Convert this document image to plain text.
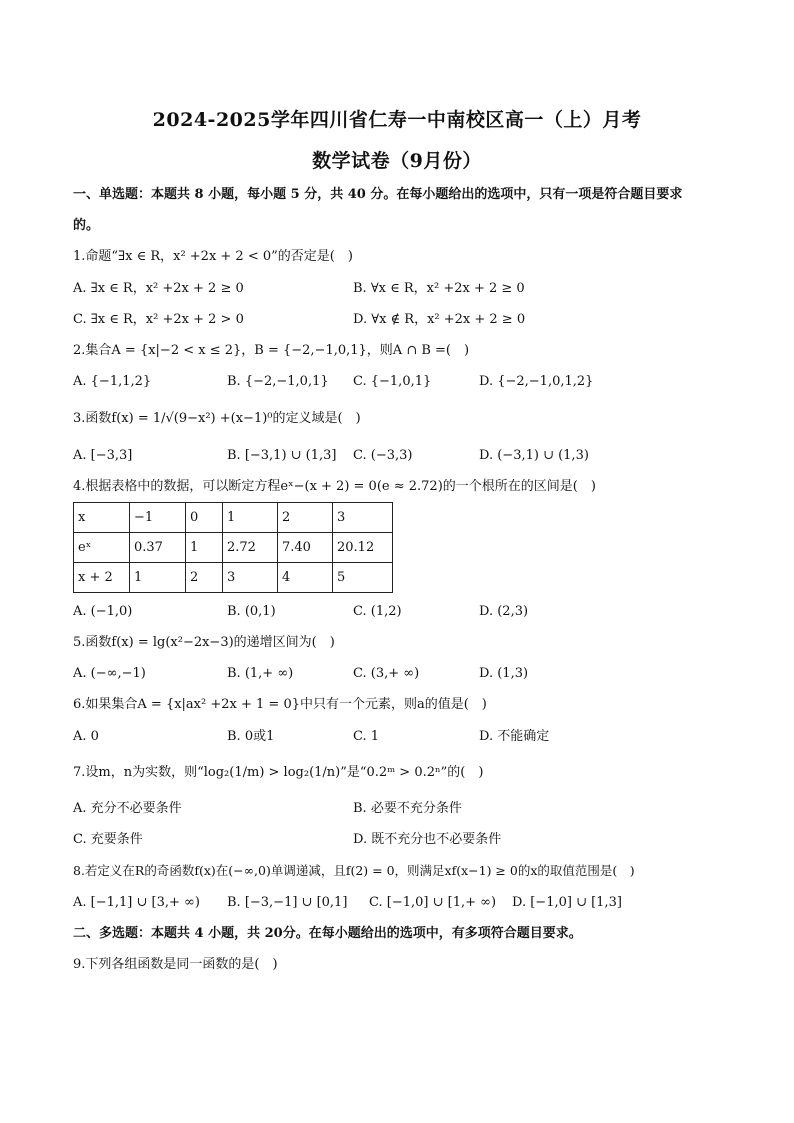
2024-2025学年四川省仁寿一中南校区高一（上）月考
数学试卷（9月份）
一、单选题：本题共 8 小题，每小题 5 分，共 40 分。在每小题给出的选项中，只有一项是符合题目要求
的。
1.命题“∃x ∈ R，x² +2x + 2 < 0”的否定是(　)
A. ∃x ∈ R，x² +2x + 2 ≥ 0	B. ∀x ∈ R，x² +2x + 2 ≥ 0
C. ∃x ∈ R，x² +2x + 2 > 0	D. ∀x ∉ R，x² +2x + 2 ≥ 0
2.集合A = {x|−2 < x ≤ 2}，B = {−2,−1,0,1}，则A ∩ B =(　)
A. {−1,1,2}	B. {−2,−1,0,1} C. {−1,0,1}	D. {−2,−1,0,1,2}
3.函数f(x) = 1/√(9−x²) +(x−1)⁰的定义域是(　)
A. [−3,3]	B. [−3,1) ∪ (1,3] C. (−3,3)	D. (−3,1) ∪ (1,3)
4.根据表格中的数据，可以断定方程eˣ−(x + 2) = 0(e ≈ 2.72)的一个根所在的区间是(　)
x	−1	0	1	2	3
eˣ	0.37	1	2.72	7.40	20.12
x + 2	1	2	3	4	5
A. (−1,0)	B. (0,1)	C. (1,2)	D. (2,3)
5.函数f(x) = lg(x²−2x−3)的递增区间为(　)
A. (−∞,−1)	B. (1,+ ∞)	C. (3,+ ∞)	D. (1,3)
6.如果集合A = {x|ax² +2x + 1 = 0}中只有一个元素，则a的值是(　)
A. 0	B. 0或1	C. 1	D. 不能确定
7.设m，n为实数，则“log₂(1/m) > log₂(1/n)”是“0.2ᵐ > 0.2ⁿ”的(　)
A. 充分不必要条件	B. 必要不充分条件
C. 充要条件	D. 既不充分也不必要条件
8.若定义在R的奇函数f(x)在(−∞,0)单调递减，且f(2) = 0，则满足xf(x−1) ≥ 0的x的取值范围是(　)
A. [−1,1] ∪ [3,+ ∞) B. [−3,−1] ∪ [0,1] C. [−1,0] ∪ [1,+ ∞) D. [−1,0] ∪ [1,3]
二、多选题：本题共 4 小题，共 20分。在每小题给出的选项中，有多项符合题目要求。
9.下列各组函数是同一函数的是(　)
